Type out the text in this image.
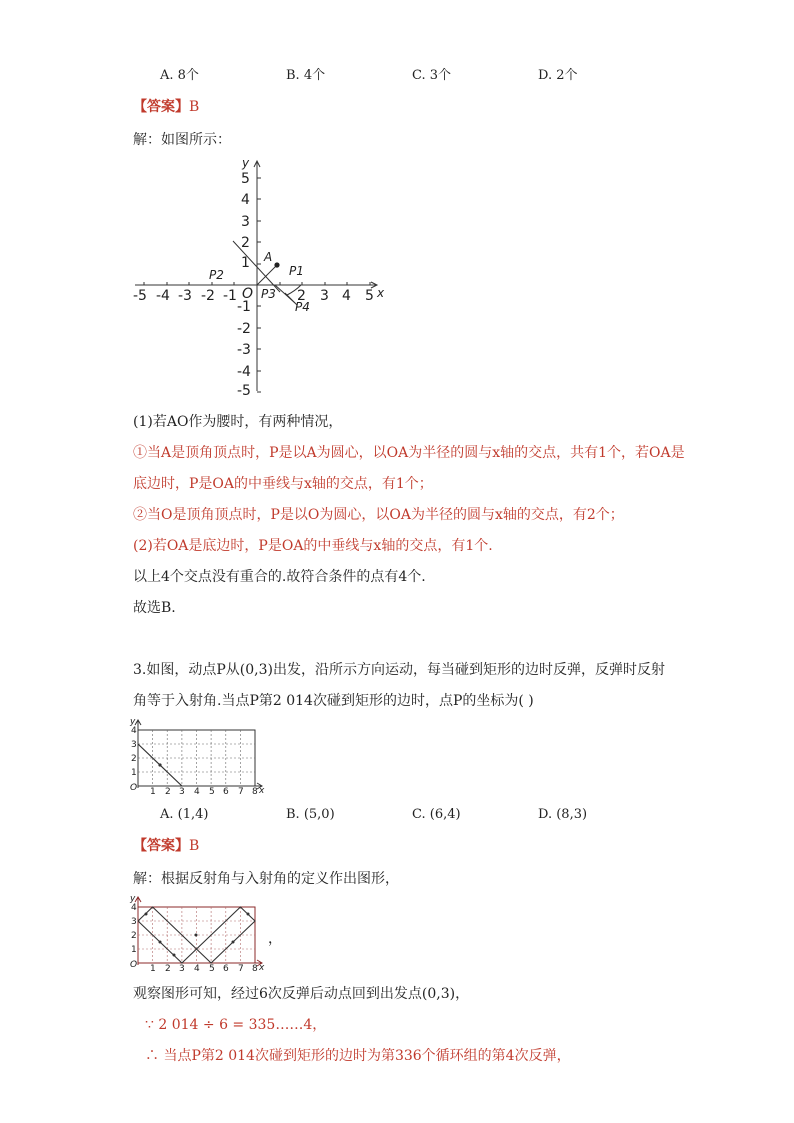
A. 8个	B. 4个	C. 3个	D. 2个
【答案】B
解：如图所示：
-5 -4 -3 -2 -1 O	2 3 4 5 x
y
5
4
3
2
1
-1
-2
-3
-4
-5
A
P1
P2
P3
P4
(1)若AO作为腰时，有两种情况，
①当A是顶角顶点时，P是以A为圆心，以OA为半径的圆与x轴的交点，共有1个，若OA是
底边时，P是OA的中垂线与x轴的交点，有1个；
②当O是顶角顶点时，P是以O为圆心，以OA为半径的圆与x轴的交点，有2个；
(2)若OA是底边时，P是OA的中垂线与x轴的交点，有1个.
以上4个交点没有重合的.故符合条件的点有4个.
故选B.
3.如图，动点P从(0,3)出发，沿所示方向运动，每当碰到矩形的边时反弹，反弹时反射
角等于入射角.当点P第2 014次碰到矩形的边时，点P的坐标为( )
O 1 2 3 4 5 6 7 8 x
y
1
2
3
4
A. (1,4)	B. (5,0)	C. (6,4)	D. (8,3)
【答案】B
解：根据反射角与入射角的定义作出图形，
O 1 2 3 4 5 6 7 8 x
y
1
2
3
4
，
观察图形可知，经过6次反弹后动点回到出发点(0,3)，
∵ 2 014 ÷ 6 = 335……4，
∴ 当点P第2 014次碰到矩形的边时为第336个循环组的第4次反弹，
